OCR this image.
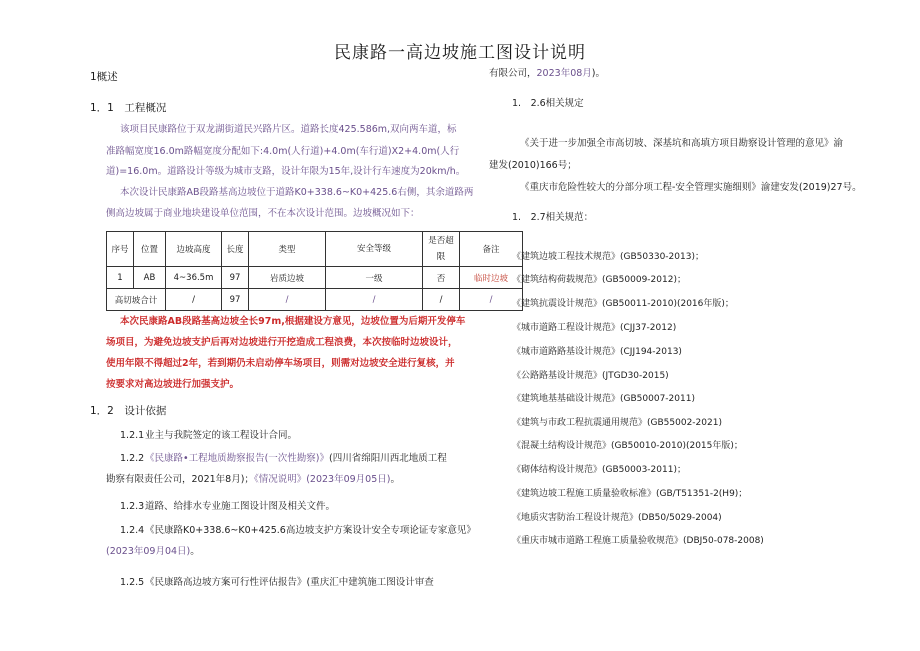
民康路一高边坡施工图设计说明
1概述
1．1　工程概况
该项目民康路位于双龙湖街道民兴路片区。道路长度425.586m,双向两车道，标
准路幅宽度16.0m路幅宽度分配如下:4.0m(人行道)+4.0m(车行道)X2+4.0m(人行
道)=16.0m。道路设计等级为城市支路，设计年限为15年,设计行车速度为20km/h。
本次设计民康路AB段路基高边坡位于道路K0+338.6~K0+425.6右侧，其余道路两
侧高边坡属于商业地块建设单位范围，不在本次设计范围。边坡概况如下：
序号	位置	边坡高度	长度	类型	安全等级	是否超限	备注
1	AB	4~36.5m	97	岩质边坡	一级	否	临时边坡
高切坡合计		/	97	/	/	/	/
本次民康路AB段路基高边坡全长97m,根据建设方意见，边坡位置为后期开发停车
场项目，为避免边坡支护后再对边坡进行开挖造成工程浪费，本次按临时边坡设计，
使用年限不得超过2年，若到期仍未启动停车场项目，则需对边坡安全进行复核，并
按要求对高边坡进行加强支护。
1．2　设计依据
1.2.1 业主与我院签定的该工程设计合同。
1.2.2 《民康路•工程地质勘察报告(一次性勘察)》(四川省绵阳川西北地质工程
勘察有限责任公司，2021年8月)；《情况说明》(2023年09月05日)。
1.2.3 道路、给排水专业施工图设计图及相关文件。
1.2.4 《民康路K0+338.6~K0+425.6高边坡支护方案设计安全专项论证专家意见》
(2023年09月04日)。
1.2.5 《民康路高边坡方案可行性评估报告》(重庆汇中建筑施工图设计审查
有限公司，2023年08月)。
1.　2.6相关规定
《关于进一步加强全市高切坡、深基坑和高填方项目勘察设计管理的意见》渝
建发(2010)166号；
《重庆市危险性较大的分部分项工程-安全管理实施细则》渝建安发(2019)27号。
1.　2.7相关规范：
《建筑边坡工程技术规范》(GB50330-2013)；
《建筑结构荷载规范》(GB50009-2012)；
《建筑抗震设计规范》(GB50011-2010)(2016年版)；
《城市道路工程设计规范》(CJJ37-2012)
《城市道路路基设计规范》(CJJ194-2013)
《公路路基设计规范》(JTGD30-2015)
《建筑地基基础设计规范》(GB50007-2011)
《建筑与市政工程抗震通用规范》(GB55002-2021)
《混凝土结构设计规范》(GB50010-2010)(2015年版)；
《砌体结构设计规范》(GB50003-2011)；
《建筑边坡工程施工质量验收标准》(GB/T51351-2(H9)；
《地质灾害防治工程设计规范》(DB50/5029-2004)
《重庆市城市道路工程施工质量验收规范》(DBJ50-078-2008)
